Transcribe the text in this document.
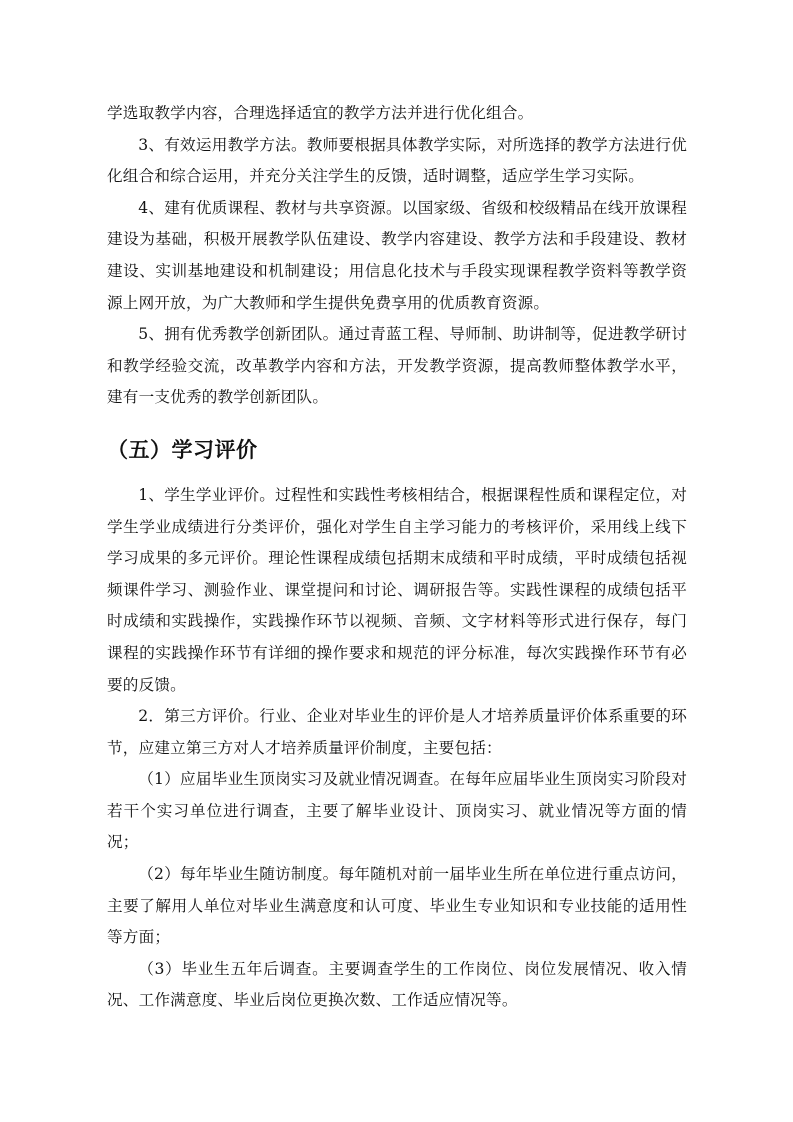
学选取教学内容，合理选择适宜的教学方法并进行优化组合。

3、有效运用教学方法。教师要根据具体教学实际，对所选择的教学方法进行优化组合和综合运用，并充分关注学生的反馈，适时调整，适应学生学习实际。

4、建有优质课程、教材与共享资源。以国家级、省级和校级精品在线开放课程建设为基础，积极开展教学队伍建设、教学内容建设、教学方法和手段建设、教材建设、实训基地建设和机制建设；用信息化技术与手段实现课程教学资料等教学资源上网开放，为广大教师和学生提供免费享用的优质教育资源。

5、拥有优秀教学创新团队。通过青蓝工程、导师制、助讲制等，促进教学研讨和教学经验交流，改革教学内容和方法，开发教学资源，提高教师整体教学水平，建有一支优秀的教学创新团队。

（五）学习评价

1、学生学业评价。过程性和实践性考核相结合，根据课程性质和课程定位，对学生学业成绩进行分类评价，强化对学生自主学习能力的考核评价，采用线上线下学习成果的多元评价。理论性课程成绩包括期末成绩和平时成绩，平时成绩包括视频课件学习、测验作业、课堂提问和讨论、调研报告等。实践性课程的成绩包括平时成绩和实践操作，实践操作环节以视频、音频、文字材料等形式进行保存，每门课程的实践操作环节有详细的操作要求和规范的评分标准，每次实践操作环节有必要的反馈。

2．第三方评价。行业、企业对毕业生的评价是人才培养质量评价体系重要的环节，应建立第三方对人才培养质量评价制度，主要包括：

（1）应届毕业生顶岗实习及就业情况调查。在每年应届毕业生顶岗实习阶段对若干个实习单位进行调查，主要了解毕业设计、顶岗实习、就业情况等方面的情况；

（2）每年毕业生随访制度。每年随机对前一届毕业生所在单位进行重点访问，主要了解用人单位对毕业生满意度和认可度、毕业生专业知识和专业技能的适用性等方面；

（3）毕业生五年后调查。主要调查学生的工作岗位、岗位发展情况、收入情况、工作满意度、毕业后岗位更换次数、工作适应情况等。
